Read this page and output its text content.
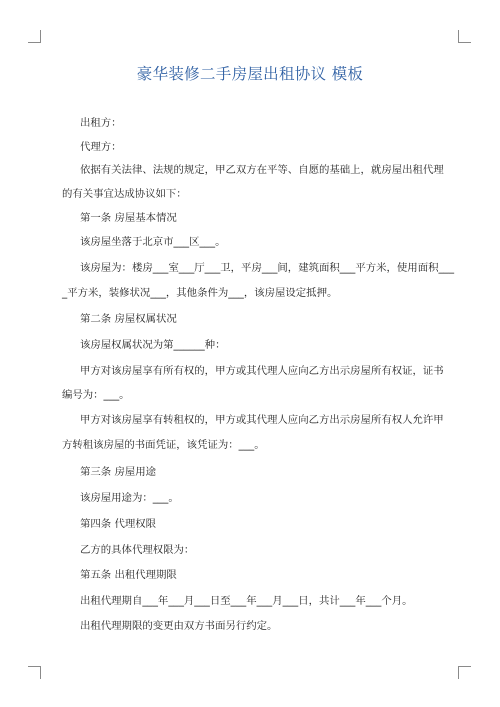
豪华装修二手房屋出租协议 模板
出租方：
代理方：
依据有关法律、法规的规定，甲乙双方在平等、自愿的基础上，就房屋出租代理
的有关事宜达成协议如下：
第一条 房屋基本情况
该房屋坐落于北京市___区___。
该房屋为：楼房___室___厅___卫，平房___间，建筑面积___平方米，使用面积___
_平方米，装修状况___，其他条件为___，该房屋设定抵押。
第二条 房屋权属状况
该房屋权属状况为第______种：
甲方对该房屋享有所有权的，甲方或其代理人应向乙方出示房屋所有权证，证书
编号为：___。
甲方对该房屋享有转租权的，甲方或其代理人应向乙方出示房屋所有权人允许甲
方转租该房屋的书面凭证，该凭证为：___。
第三条 房屋用途
该房屋用途为：___。
第四条 代理权限
乙方的具体代理权限为：
第五条 出租代理期限
出租代理期自___年___月___日至___年___月___日，共计___年___个月。
出租代理期限的变更由双方书面另行约定。
